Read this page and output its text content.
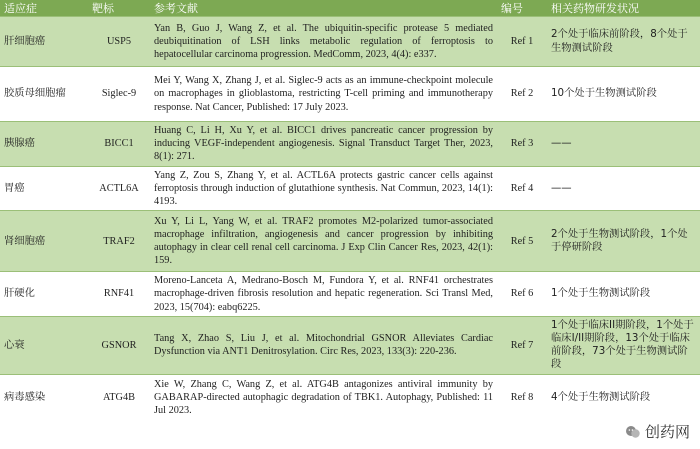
适应症	靶标	参考文献	编号	相关药物研发状况
肝细胞癌	USP5	Yan B, Guo J, Wang Z, et al. The ubiquitin-specific protease 5 mediated deubiquitination of LSH links metabolic regulation of ferroptosis to hepatocellular carcinoma progression. MedComm, 2023, 4(4): e337.	Ref 1	2个处于临床前阶段，8个处于生物测试阶段
胶质母细胞瘤	Siglec-9	Mei Y, Wang X, Zhang J, et al. Siglec-9 acts as an immune-checkpoint molecule on macrophages in glioblastoma, restricting T-cell priming and immunotherapy response. Nat Cancer, Published: 17 July 2023.	Ref 2	10个处于生物测试阶段
胰腺癌	BICC1	Huang C, Li H, Xu Y, et al. BICC1 drives pancreatic cancer progression by inducing VEGF-independent angiogenesis. Signal Transduct Target Ther, 2023, 8(1): 271.	Ref 3	——
胃癌	ACTL6A	Yang Z, Zou S, Zhang Y, et al. ACTL6A protects gastric cancer cells against ferroptosis through induction of glutathione synthesis. Nat Commun, 2023, 14(1): 4193.	Ref 4	——
肾细胞癌	TRAF2	Xu Y, Li L, Yang W, et al. TRAF2 promotes M2-polarized tumor-associated macrophage infiltration, angiogenesis and cancer progression by inhibiting autophagy in clear cell renal cell carcinoma. J Exp Clin Cancer Res, 2023, 42(1): 159.	Ref 5	2个处于生物测试阶段，1个处于停研阶段
肝硬化	RNF41	Moreno-Lanceta A, Medrano-Bosch M, Fundora Y, et al. RNF41 orchestrates macrophage-driven fibrosis resolution and hepatic regeneration. Sci Transl Med, 2023, 15(704): eabq6225.	Ref 6	1个处于生物测试阶段
心衰	GSNOR	Tang X, Zhao S, Liu J, et al. Mitochondrial GSNOR Alleviates Cardiac Dysfunction via ANT1 Denitrosylation. Circ Res, 2023, 133(3): 220-236.	Ref 7	1个处于临床II期阶段，1个处于临床I/II期阶段，13个处于临床前阶段，73个处于生物测试阶段
病毒感染	ATG4B	Xie W, Zhang C, Wang Z, et al. ATG4B antagonizes antiviral immunity by GABARAP-directed autophagic degradation of TBK1. Autophagy, Published: 11 Jul 2023.	Ref 8	4个处于生物测试阶段
创药网
